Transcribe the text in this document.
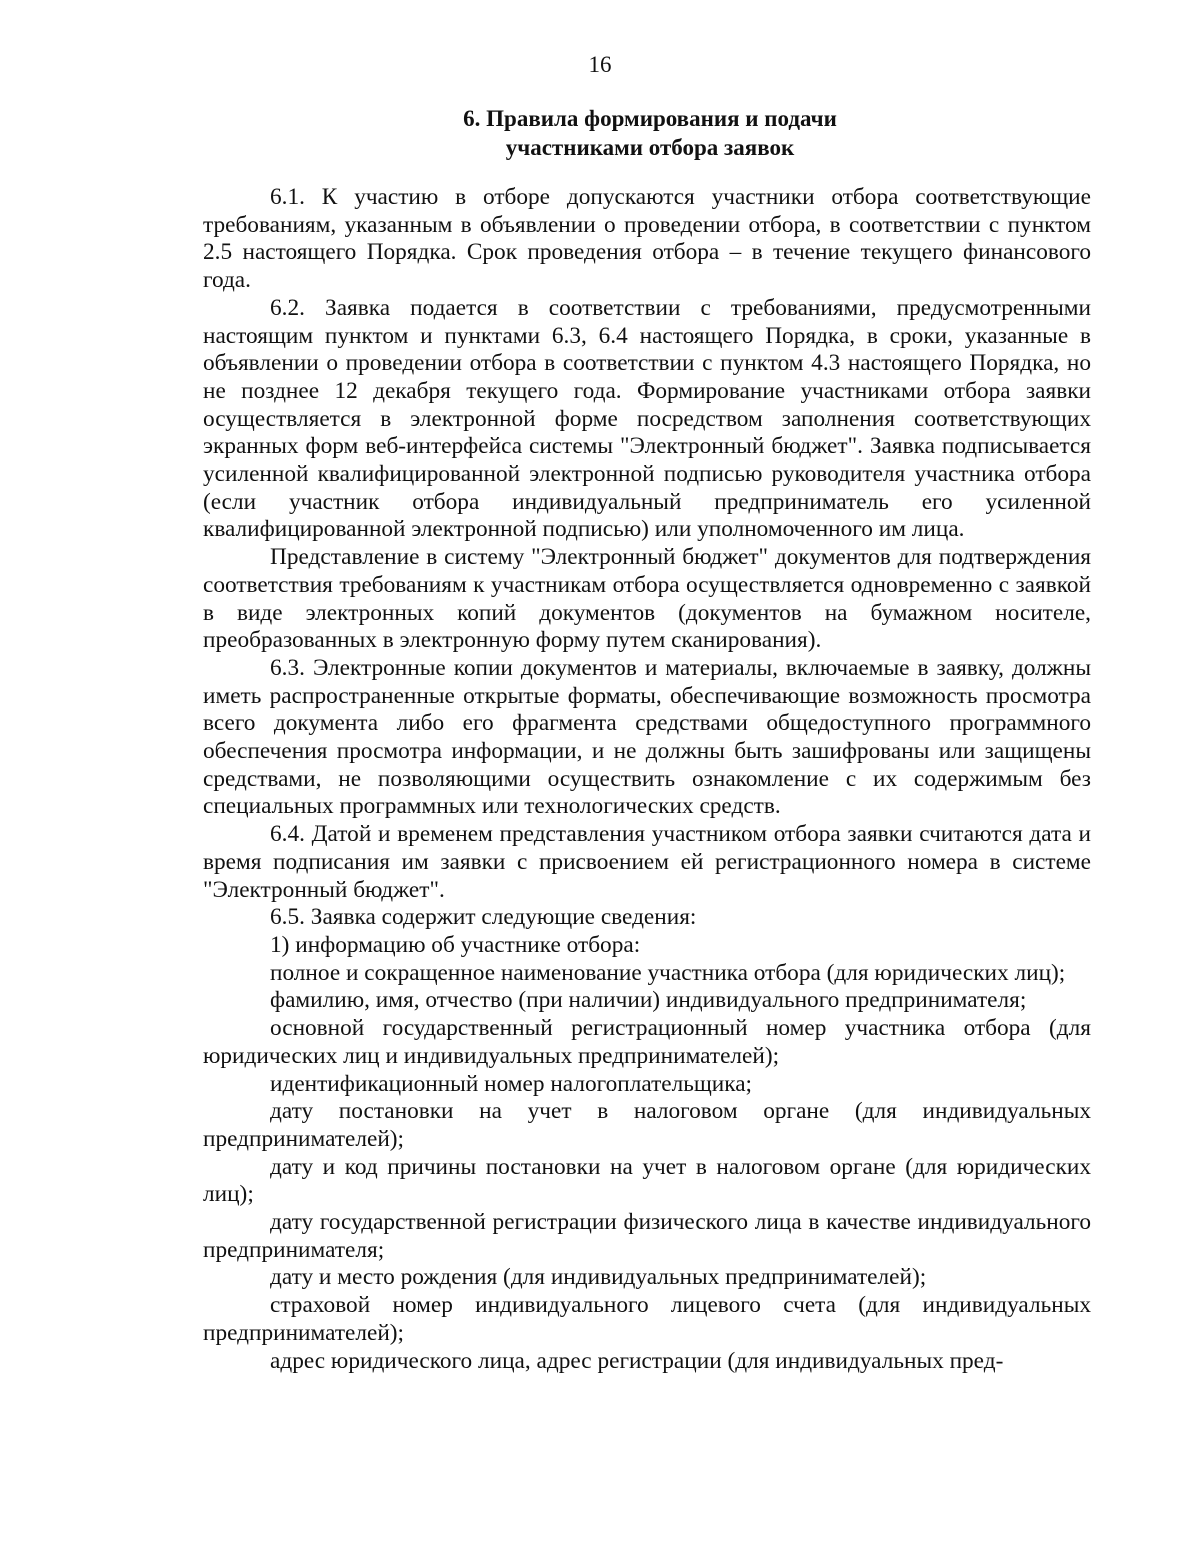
16
6. Правила формирования и подачи
участниками отбора заявок

6.1. К участию в отборе допускаются участники отбора соответствующие требованиям, указанным в объявлении о проведении отбора, в соответствии с пунктом 2.5 настоящего Порядка. Срок проведения отбора – в течение текущего финансового года.

6.2. Заявка подается в соответствии с требованиями, предусмотренными настоящим пунктом и пунктами 6.3, 6.4 настоящего Порядка, в сроки, указанные в объявлении о проведении отбора в соответствии с пунктом 4.3 настоящего Порядка, но не позднее 12 декабря текущего года. Формирование участниками отбора заявки осуществляется в электронной форме посредством заполнения соответствующих экранных форм веб-интерфейса системы "Электронный бюджет". Заявка подписывается усиленной квалифицированной электронной подписью руководителя участника отбора (если участник отбора индивидуальный предприниматель его усиленной квалифицированной электронной подписью) или уполномоченного им лица.

Представление в систему "Электронный бюджет" документов для подтверждения соответствия требованиям к участникам отбора осуществляется одновременно с заявкой в виде электронных копий документов (документов на бумажном носителе, преобразованных в электронную форму путем сканирования).

6.3. Электронные копии документов и материалы, включаемые в заявку, должны иметь распространенные открытые форматы, обеспечивающие возможность просмотра всего документа либо его фрагмента средствами общедоступного программного обеспечения просмотра информации, и не должны быть зашифрованы или защищены средствами, не позволяющими осуществить ознакомление с их содержимым без специальных программных или технологических средств.

6.4. Датой и временем представления участником отбора заявки считаются дата и время подписания им заявки с присвоением ей регистрационного номера в системе "Электронный бюджет".

6.5. Заявка содержит следующие сведения:

1) информацию об участнике отбора:

полное и сокращенное наименование участника отбора (для юридических лиц);

фамилию, имя, отчество (при наличии) индивидуального предпринимателя;

основной государственный регистрационный номер участника отбора (для юридических лиц и индивидуальных предпринимателей);

идентификационный номер налогоплательщика;

дату постановки на учет в налоговом органе (для индивидуальных предпринимателей);

дату и код причины постановки на учет в налоговом органе (для юридических лиц);

дату государственной регистрации физического лица в качестве индивидуального предпринимателя;

дату и место рождения (для индивидуальных предпринимателей);

страховой номер индивидуального лицевого счета (для индивидуальных предпринимателей);

адрес юридического лица, адрес регистрации (для индивидуальных пред-
